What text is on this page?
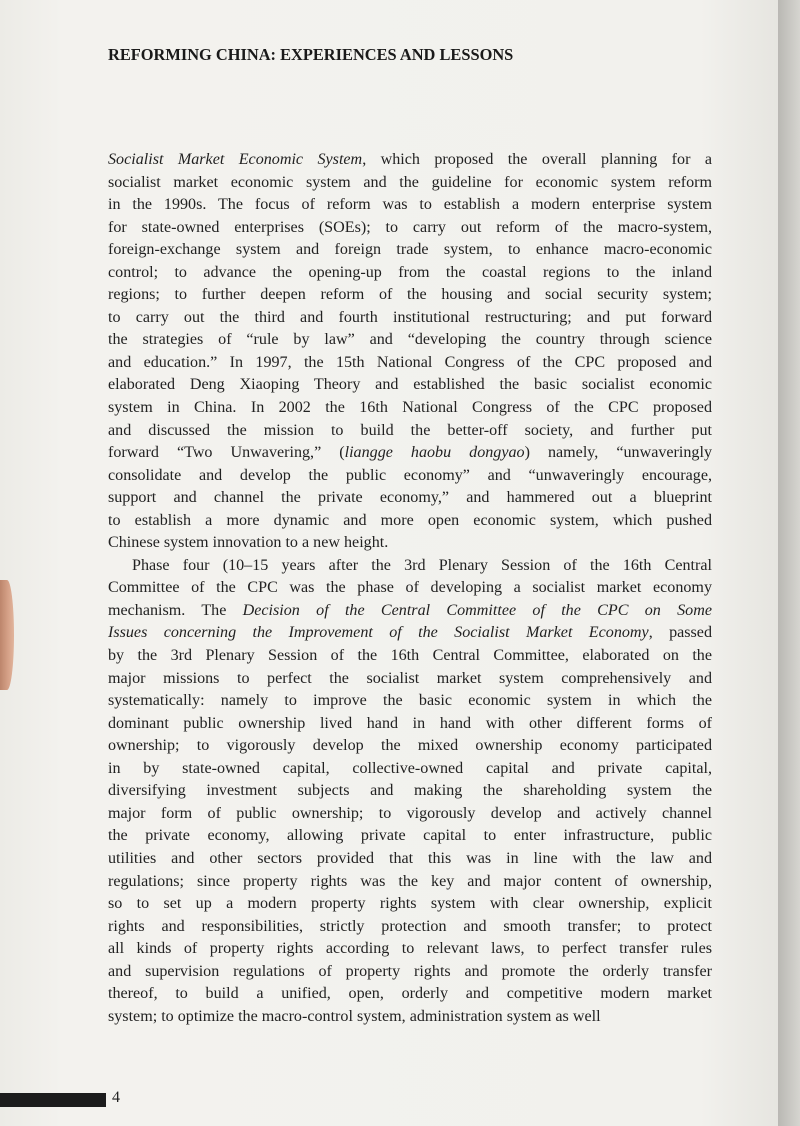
REFORMING CHINA: EXPERIENCES AND LESSONS
Socialist Market Economic System, which proposed the overall planning for a
socialist market economic system and the guideline for economic system reform
in the 1990s. The focus of reform was to establish a modern enterprise system
for state-owned enterprises (SOEs); to carry out reform of the macro-system,
foreign-exchange system and foreign trade system, to enhance macro-economic
control; to advance the opening-up from the coastal regions to the inland
regions; to further deepen reform of the housing and social security system;
to carry out the third and fourth institutional restructuring; and put forward
the strategies of “rule by law” and “developing the country through science
and education.” In 1997, the 15th National Congress of the CPC proposed and
elaborated Deng Xiaoping Theory and established the basic socialist economic
system in China. In 2002 the 16th National Congress of the CPC proposed
and discussed the mission to build the better-off society, and further put
forward “Two Unwavering,” (liangge haobu dongyao) namely, “unwaveringly
consolidate and develop the public economy” and “unwaveringly encourage,
support and channel the private economy,” and hammered out a blueprint
to establish a more dynamic and more open economic system, which pushed
Chinese system innovation to a new height.
Phase four (10–15 years after the 3rd Plenary Session of the 16th Central
Committee of the CPC was the phase of developing a socialist market economy
mechanism. The Decision of the Central Committee of the CPC on Some
Issues concerning the Improvement of the Socialist Market Economy, passed
by the 3rd Plenary Session of the 16th Central Committee, elaborated on the
major missions to perfect the socialist market system comprehensively and
systematically: namely to improve the basic economic system in which the
dominant public ownership lived hand in hand with other different forms of
ownership; to vigorously develop the mixed ownership economy participated
in by state-owned capital, collective-owned capital and private capital,
diversifying investment subjects and making the shareholding system the
major form of public ownership; to vigorously develop and actively channel
the private economy, allowing private capital to enter infrastructure, public
utilities and other sectors provided that this was in line with the law and
regulations; since property rights was the key and major content of ownership,
so to set up a modern property rights system with clear ownership, explicit
rights and responsibilities, strictly protection and smooth transfer; to protect
all kinds of property rights according to relevant laws, to perfect transfer rules
and supervision regulations of property rights and promote the orderly transfer
thereof, to build a unified, open, orderly and competitive modern market
system; to optimize the macro-control system, administration system as well
4
